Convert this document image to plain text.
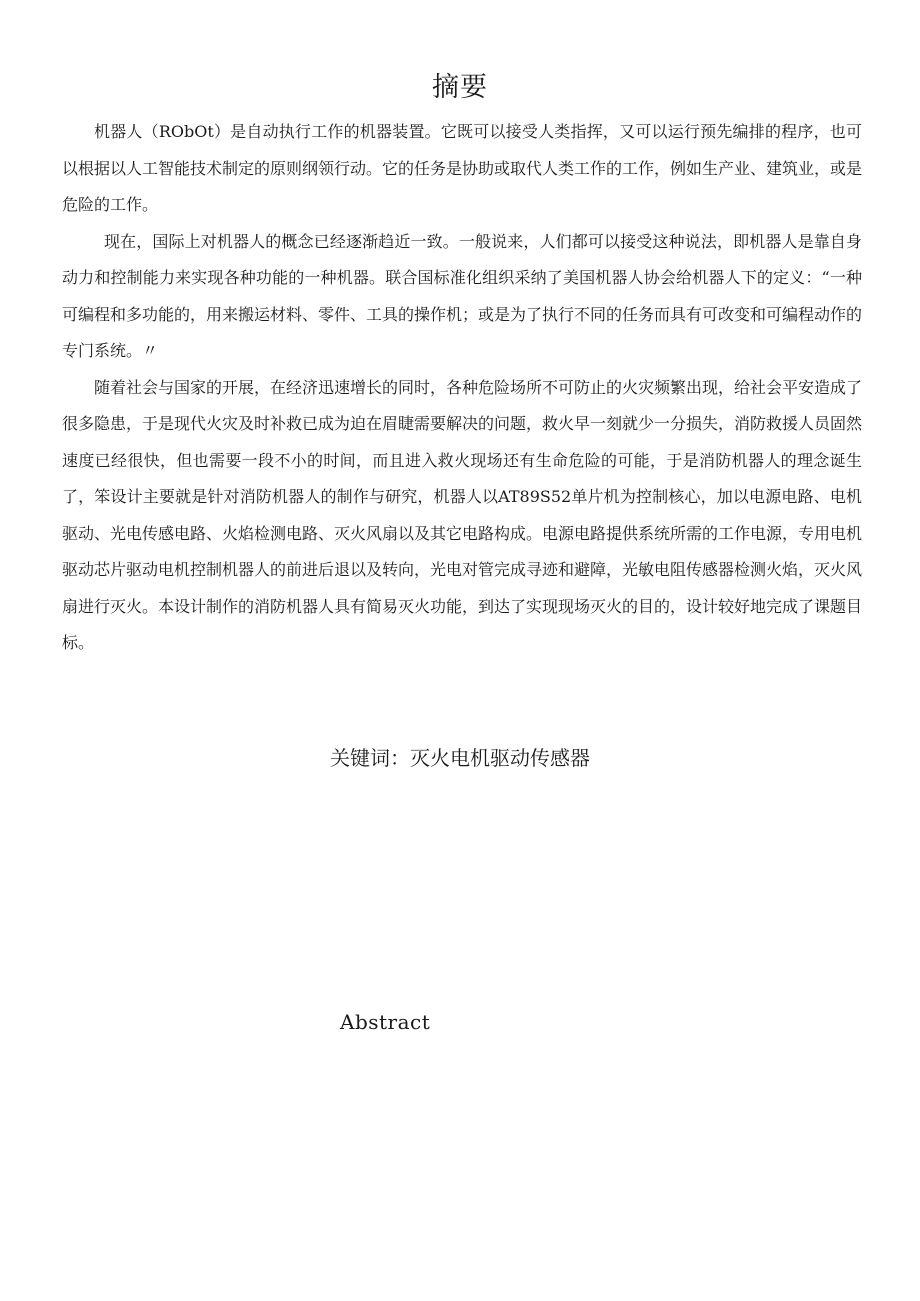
摘要

机器人（RObOt）是自动执行工作的机器装置。它既可以接受人类指挥，又可以运行预先编排的程序，也可以根据以人工智能技术制定的原则纲领行动。它的任务是协助或取代人类工作的工作，例如生产业、建筑业，或是危险的工作。

现在，国际上对机器人的概念已经逐渐趋近一致。一般说来，人们都可以接受这种说法，即机器人是靠自身动力和控制能力来实现各种功能的一种机器。联合国标准化组织采纳了美国机器人协会给机器人下的定义：“一种可编程和多功能的，用来搬运材料、零件、工具的操作机；或是为了执行不同的任务而具有可改变和可编程动作的专门系统。〃

随着社会与国家的开展，在经济迅速增长的同时，各种危险场所不可防止的火灾频繁出现，给社会平安造成了很多隐患，于是现代火灾及时补救已成为迫在眉睫需要解决的问题，救火早一刻就少一分损失，消防救援人员固然速度已经很快，但也需要一段不小的时间，而且进入救火现场还有生命危险的可能，于是消防机器人的理念诞生了，笨设计主要就是针对消防机器人的制作与研究，机器人以AT89S52单片机为控制核心，加以电源电路、电机驱动、光电传感电路、火焰检测电路、灭火风扇以及其它电路构成。电源电路提供系统所需的工作电源，专用电机驱动芯片驱动电机控制机器人的前进后退以及转向，光电对管完成寻迹和避障，光敏电阻传感器检测火焰，灭火风扇进行灭火。本设计制作的消防机器人具有简易灭火功能，到达了实现现场灭火的目的，设计较好地完成了课题目标。

关键词：灭火电机驱动传感器
Abstract
